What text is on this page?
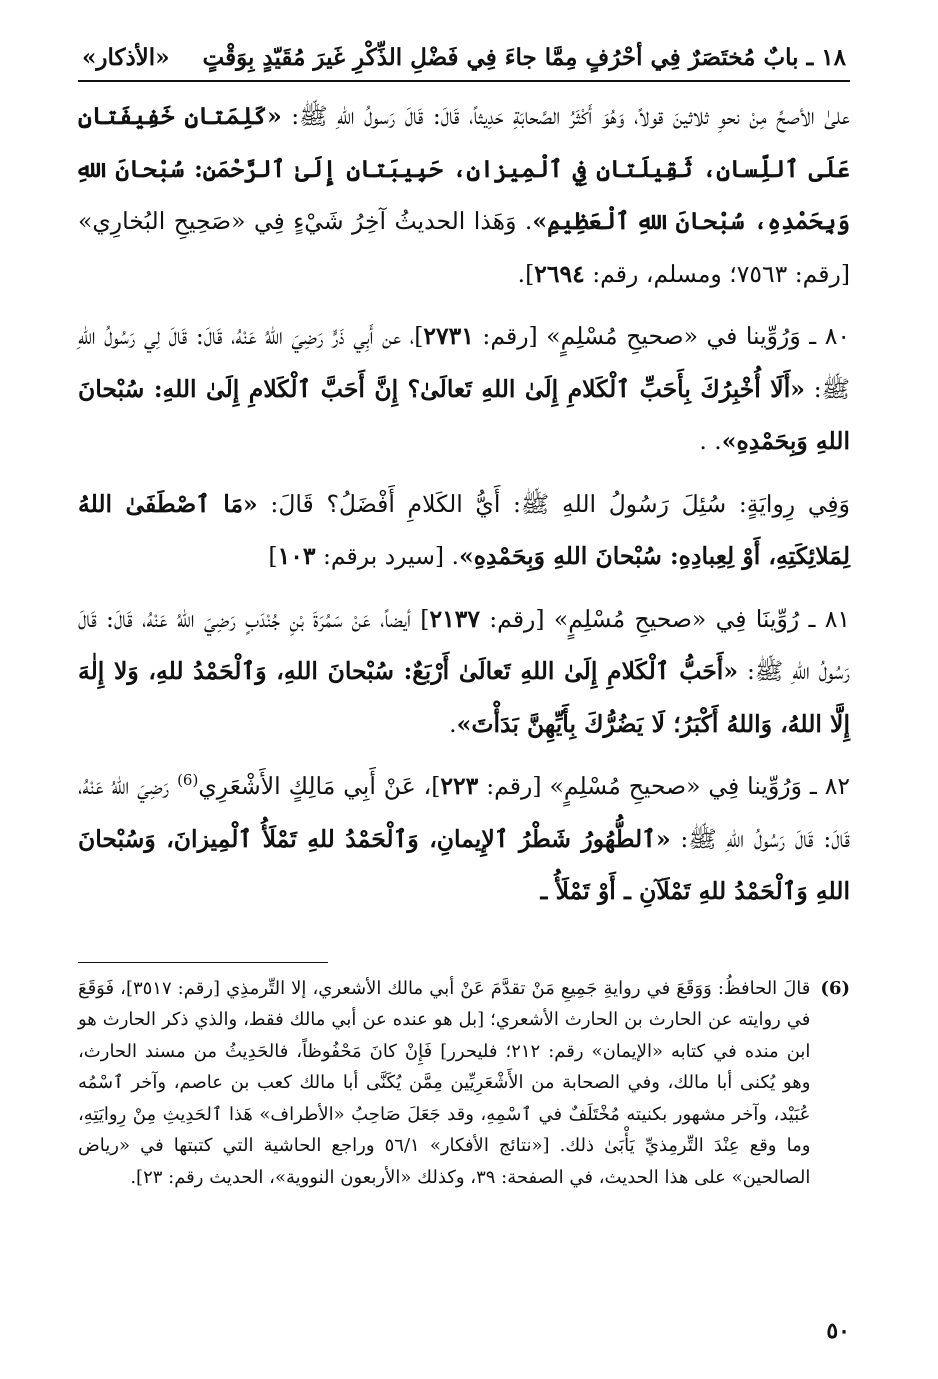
١٨ ـ بابٌ مُختَصَرٌ فِي أحْرُفٍ مِمَّا جاءَ فِي فَضْلِ الذِّكْرِ غَيرَ مُقَيّدٍ بِوَقْتٍ
«الأذكار»

علىٰ الأصحِّ مِنْ نحوِ ثلاثينَ قولاً، وَهُوَ أَكْثَرُ الصَّحابَةِ حَدِيثاً، قَالَ: قَالَ رَسولُ اللهِ ﷺ: «كَلِمَتانِ خَفِيفَتانِ عَلَى ٱللِّسانِ، ثَقِيلَتانِ فِي ٱلْمِيزانِ، حَبِيبَتانِ إِلَىٰ ٱلرَّحْمَنِ: سُبْحانَ اللهِ وَبِحَمْدِهِ، سُبْحانَ اللهِ ٱلْعَظِيمِ». وَهَذا الحديثُ آخِرُ شَيْءٍ فِي «صَحِيحِ البُخارِي» [رقم: ٧٥٦٣؛ ومسلم، رقم: ٢٦٩٤].

٨٠ ـ وَرُوِّينا في «صحيحِ مُسْلِمٍ» [رقم: ٢٧٣١]، عن أَبِي ذَرٍّ رَضِيَ اللهُ عَنْهُ، قَالَ: قَالَ لِي رَسُولُ اللهِ ﷺ: «أَلَا أُخْبِرُكَ بِأَحَبِّ ٱلْكَلامِ إِلَىٰ اللهِ تَعالَىٰ؟ إِنَّ أَحَبَّ ٱلْكَلامِ إِلَىٰ اللهِ: سُبْحانَ اللهِ وَبِحَمْدِهِ». .

وَفِي رِوايَةٍ: سُئِلَ رَسُولُ اللهِ ﷺ: أَيُّ الكَلامِ أَفْضَلُ؟ قَالَ: «مَا ٱصْطَفَىٰ اللهُ لِمَلائِكَتِهِ، أَوْ لِعِبادِهِ: سُبْحانَ اللهِ وَبِحَمْدِهِ». [سيرد برقم: ١٠٣]

٨١ ـ رُوِّينَا فِي «صحيحِ مُسْلِمٍ» [رقم: ٢١٣٧] أيضاً، عَنْ سَمُرَةَ بْنِ جُنْدَبٍ رَضِيَ اللهُ عَنْهُ، قَالَ: قَالَ رَسُولُ اللهِ ﷺ: «أَحَبُّ ٱلْكَلامِ إِلَىٰ اللهِ تَعالَىٰ أَرْبَعٌ: سُبْحانَ اللهِ، وَٱلْحَمْدُ للهِ، وَلا إِلٰهَ إِلَّا اللهُ، وَاللهُ أَكْبَرُ؛ لَا يَضُرُّكَ بِأَيِّهِنَّ بَدَأْتَ».

٨٢ ـ وَرُوِّينا فِي «صحيحِ مُسْلِمٍ» [رقم: ٢٢٣]، عَنْ أَبِي مَالِكٍ الأَشْعَرِي$^{(6)}$ رَضِيَ اللهُ عَنْهُ، قَالَ: قَالَ رَسُولُ اللهِ ﷺ: «ٱلطُّهُورُ شَطْرُ ٱلإِيمانِ، وَٱلْحَمْدُ للهِ تَمْلَأُ ٱلْمِيزانَ، وَسُبْحانَ اللهِ وَٱلْحَمْدُ للهِ تَمْلَآنِ ـ أَوْ تَمْلَأُ ـ

(6)
قالَ الحافظُ: وَوَقَعَ في روايةِ جَمِيعِ مَنْ تقدَّمَ عَنْ أبي مالك الأشعري، إلا التِّرمذِي [رقم: ٣٥١٧]، فَوَقَعَ في روايته عن الحارث بن الحارث الأشعري؛ [بل هو عنده عن أبي مالك فقط، والذي ذكر الحارث هو ابن منده في كتابه «الإيمان» رقم: ٢١٢؛ فليحرر] فَإِنْ كانَ مَحْفُوظاً، فالحَدِيثُ من مسند الحارث، وهو يُكنى أبا مالك، وفي الصحابة من الأَشْعَرِيِّين مِمَّن يُكَنَّى أبا مالك كعب بن عاصم، وآخر ٱسْمُه عُبَيْد، وآخر مشهور بكنيته مُخْتَلَفٌ في ٱسْمِهِ، وقد جَعَلَ صَاحِبُ «الأطراف» هَذا ٱلحَدِيثِ مِنْ رِوايَتِهِ، وما وقع عِنْدَ التِّرمِذيِّ يَأْبَىٰ ذلك. [«نتائج الأفكار» ٥٦/١ وراجع الحاشية التي كتبتها في «رياض الصالحين» على هذا الحديث، في الصفحة: ٣٩، وكذلك «الأربعون النووية»، الحديث رقم: ٢٣].
٥٠
